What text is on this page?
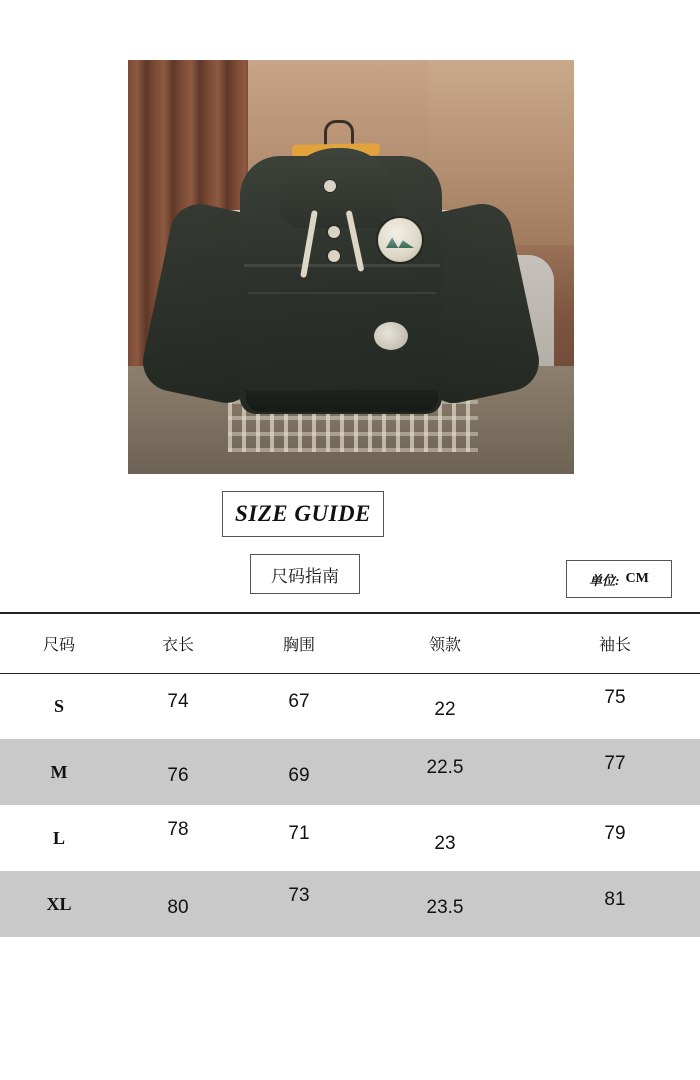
SIZE GUIDE
尺码指南	单位: CM
尺码	衣长	胸围	领款	袖长
S	74	67	22	75
M	76	69	22.5	77
L	78	71	23	79
XL	80	73	23.5	81
